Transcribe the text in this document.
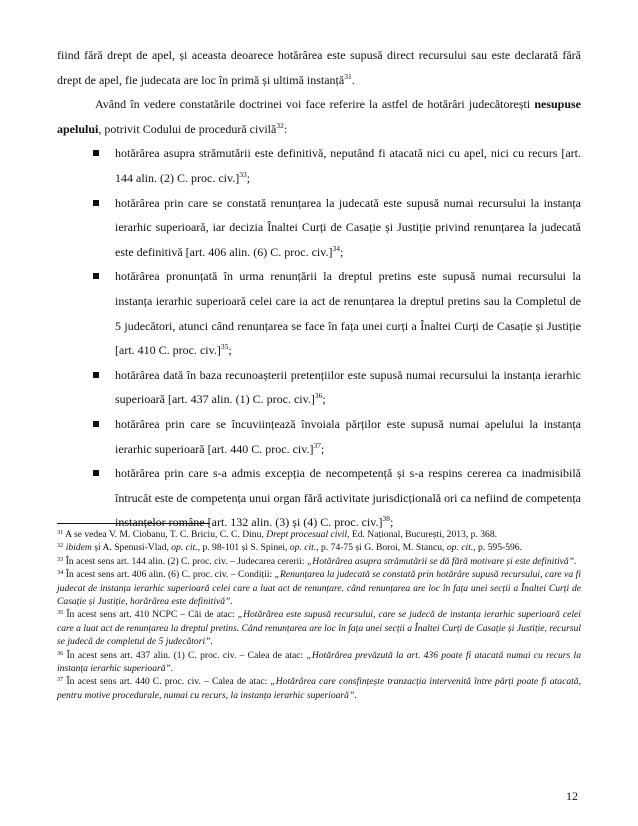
fiind fără drept de apel, și aceasta deoarece hotărârea este supusă direct recursului sau este declarată fără drept de apel, fie judecata are loc în primă și ultimă instanță$^{31}$.

Având în vedere constatările doctrinei voi face referire la astfel de hotărâri judecătorești nesupuse apelului, potrivit Codului de procedură civilă$^{32}$:

hotărârea asupra strămutării este definitivă, neputând fi atacată nici cu apel, nici cu recurs [art. 144 alin. (2) C. proc. civ.]$^{33}$;
hotărârea prin care se constată renunțarea la judecată este supusă numai recursului la instanța ierarhic superioară, iar decizia Înaltei Curți de Casație și Justiție privind renunțarea la judecată este definitivă [art. 406 alin. (6) C. proc. civ.]$^{34}$;
hotărârea pronunțată în urma renunțării la dreptul pretins este supusă numai recursului la instanța ierarhic superioară celei care ia act de renunțarea la dreptul pretins sau la Completul de 5 judecători, atunci când renunțarea se face în fața unei curți a Înaltei Curți de Casație și Justiție [art. 410 C. proc. civ.]$^{35}$;
hotărârea dată în baza recunoașterii pretențiilor este supusă numai recursului la instanța ierarhic superioară [art. 437 alin. (1) C. proc. civ.]$^{36}$;
hotărârea prin care se încuviințează învoiala părților este supusă numai apelului la instanța ierarhic superioară [art. 440 C. proc. civ.]$^{37}$;
hotărârea prin care s-a admis excepția de necompetență și s-a respins cererea ca inadmisibilă întrucât este de competența unui organ fără activitate jurisdicțională ori ca nefiind de competența instanțelor române [art. 132 alin. (3) și (4) C. proc. civ.]$^{38}$;

$^{31}$ A se vedea V. M. Ciobanu, T. C. Briciu, C. C. Dinu, Drept procesual civil, Ed. Național, București, 2013, p. 368.

$^{32}$ ibidem și A. Spenusi-Vlad, op. cit., p. 98-101 și S. Spinei, op. cit., p. 74-75 și G. Boroi, M. Stancu, op. cit., p. 595-596.

$^{33}$ În acest sens art. 144 alin. (2) C. proc. civ. – Judecarea cererii: „Hotărârea asupra strămutării se dă fără motivare și este definitivă”.

$^{34}$ În acest sens art. 406 alin. (6) C. proc. civ. – Condiții: „Renunțarea la judecată se constată prin hotărâre supusă recursului, care va fi judecat de instanța ierarhic superioară celei care a luat act de renunțare. când renunțarea are loc în fața unei secții a Înaltei Curți de Casație și Justiție, horărârea este definitivă”.

$^{35}$ În acest sens art. 410 NCPC – Căi de atac: „Hotărârea este supusă recursului, care se judecă de instanța ierarhic superioară celei care a luat act de renunțarea la dreptul pretins. Când renunțarea are loc în fața unei secții a Înaltei Curți de Casație și Justiție, recursul se judecă de completul de 5 judecători”.

$^{36}$ În acest sens art. 437 alin. (1) C. proc. civ. – Calea de atac: „Hotărârea prevăzută la art. 436 poate fi atacată numai cu recurs la instanța ierarhic superioară”.

$^{37}$ În acest sens art. 440 C. proc. civ. – Calea de atac: „Hotărârea care consfințește tranzacția intervenită între părți poate fi atacată, pentru motive procedurale, numai cu recurs, la instanța ierarhic superioară”.

12
